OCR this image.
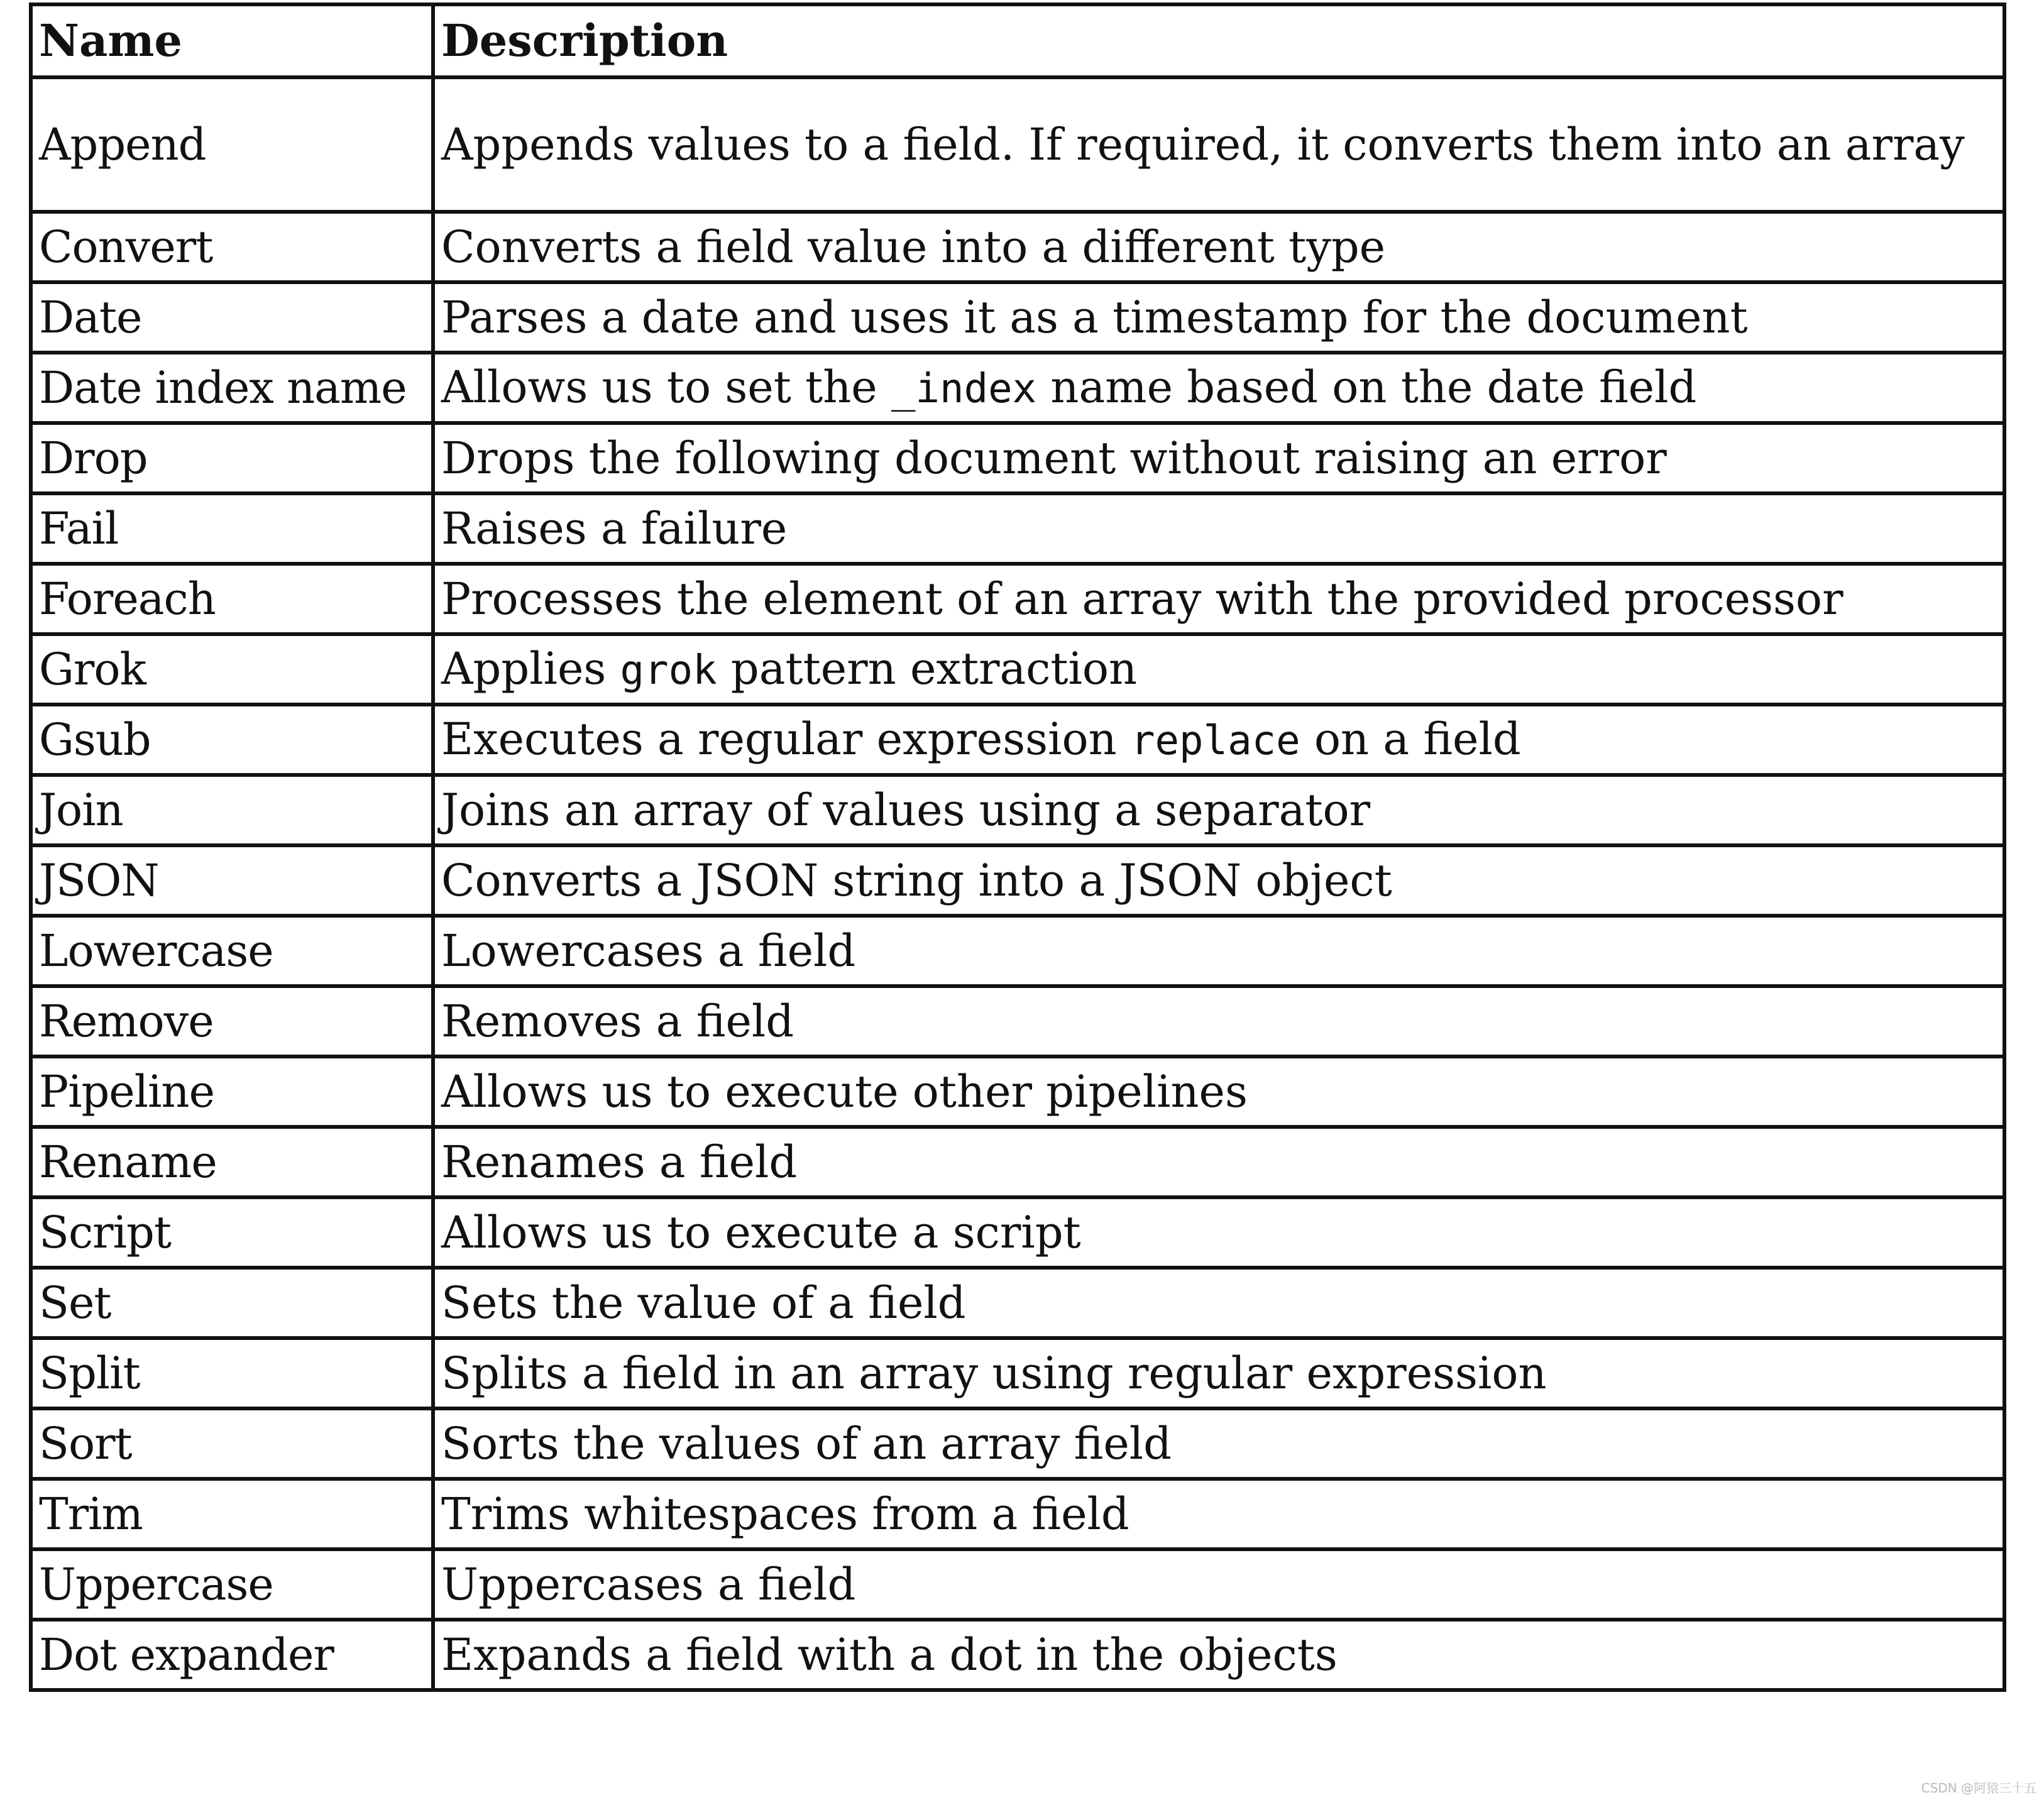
Name	Description
Append	Appends values to a field. If required, it converts them into an array
Convert	Converts a field value into a different type
Date	Parses a date and uses it as a timestamp for the document
Date index name	Allows us to set the _index name based on the date field
Drop	Drops the following document without raising an error
Fail	Raises a failure
Foreach	Processes the element of an array with the provided processor
Grok	Applies grok pattern extraction
Gsub	Executes a regular expression replace on a field
Join	Joins an array of values using a separator
JSON	Converts a JSON string into a JSON object
Lowercase	Lowercases a field
Remove	Removes a field
Pipeline	Allows us to execute other pipelines
Rename	Renames a field
Script	Allows us to execute a script
Set	Sets the value of a field
Split	Splits a field in an array using regular expression
Sort	Sorts the values of an array field
Trim	Trims whitespaces from a field
Uppercase	Uppercases a field
Dot expander	Expands a field with a dot in the objects
CSDN @阿猿三十五
